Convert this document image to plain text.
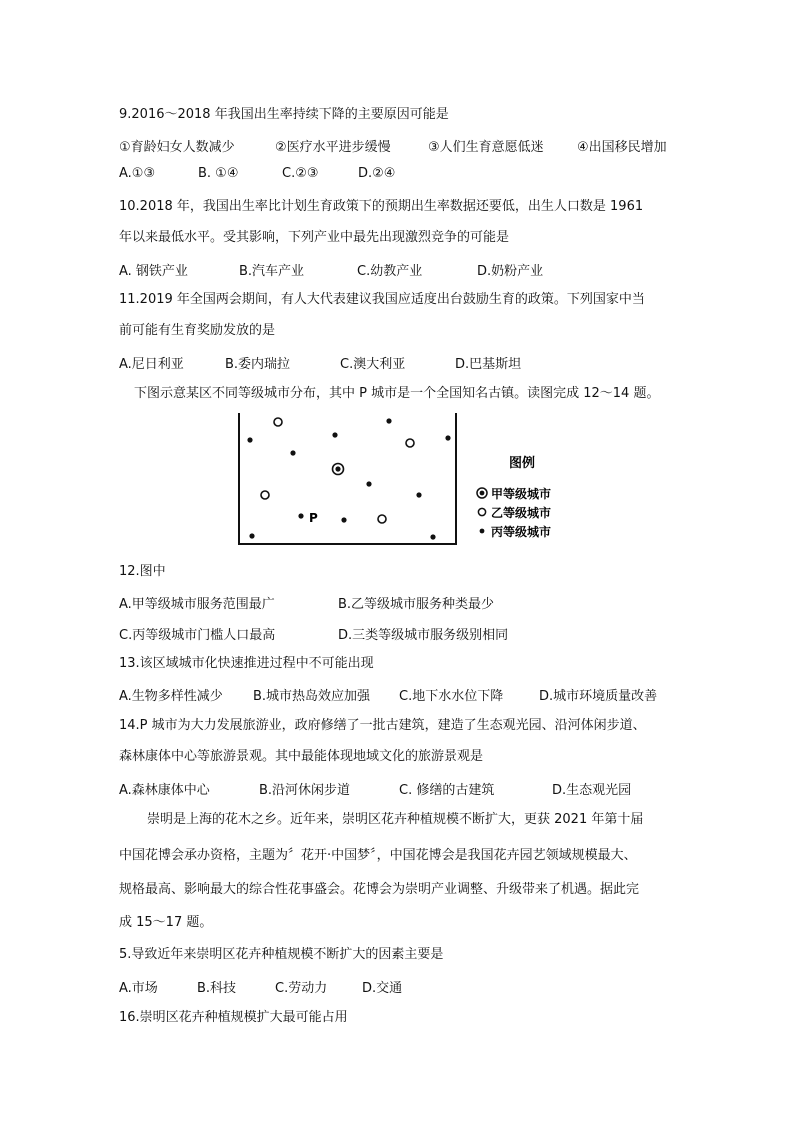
9.2016～2018 年我国出生率持续下降的主要原因可能是
①育龄妇女人数减少	②医疗水平进步缓慢	③人们生育意愿低迷	④出国移民增加
A.①③	B. ①④	C.②③	D.②④
10.2018 年，我国出生率比计划生育政策下的预期出生率数据还要低，出生人口数是 1961
年以来最低水平。受其影响，下列产业中最先出现激烈竞争的可能是
A. 钢铁产业	B.汽车产业	C.幼教产业	D.奶粉产业
11.2019 年全国两会期间，有人大代表建议我国应适度出台鼓励生育的政策。下列国家中当
前可能有生育奖励发放的是
A.尼日利亚	B.委内瑞拉	C.澳大利亚	D.巴基斯坦
下图示意某区不同等级城市分布，其中 P 城市是一个全国知名古镇。读图完成 12～14 题。
P
图例
甲等级城市
乙等级城市
丙等级城市
12.图中
A.甲等级城市服务范围最广	B.乙等级城市服务种类最少
C.丙等级城市门槛人口最高	D.三类等级城市服务级别相同
13.该区域城市化快速推进过程中不可能出现
A.生物多样性减少 B.城市热岛效应加强 C.地下水水位下降	D.城市环境质量改善
14.P 城市为大力发展旅游业，政府修缮了一批古建筑，建造了生态观光园、沿河体闲步道、
森林康体中心等旅游景观。其中最能体现地域文化的旅游景观是
A.森林康体中心	B.沿河休闲步道	C. 修缮的古建筑	D.生态观光园
崇明是上海的花木之乡。近年来，崇明区花卉种植规模不断扩大，更获 2021 年第十届
中国花博会承办资格，主题为〞花开·中国梦〞，中国花博会是我国花卉园艺领域规模最大、
规格最高、影响最大的综合性花事盛会。花博会为崇明产业调整、升级带来了机遇。据此完
成 15～17 题。
5.导致近年来崇明区花卉种植规模不断扩大的因素主要是
A.市场	B.科技	C.劳动力	D.交通
16.崇明区花卉种植规模扩大最可能占用
